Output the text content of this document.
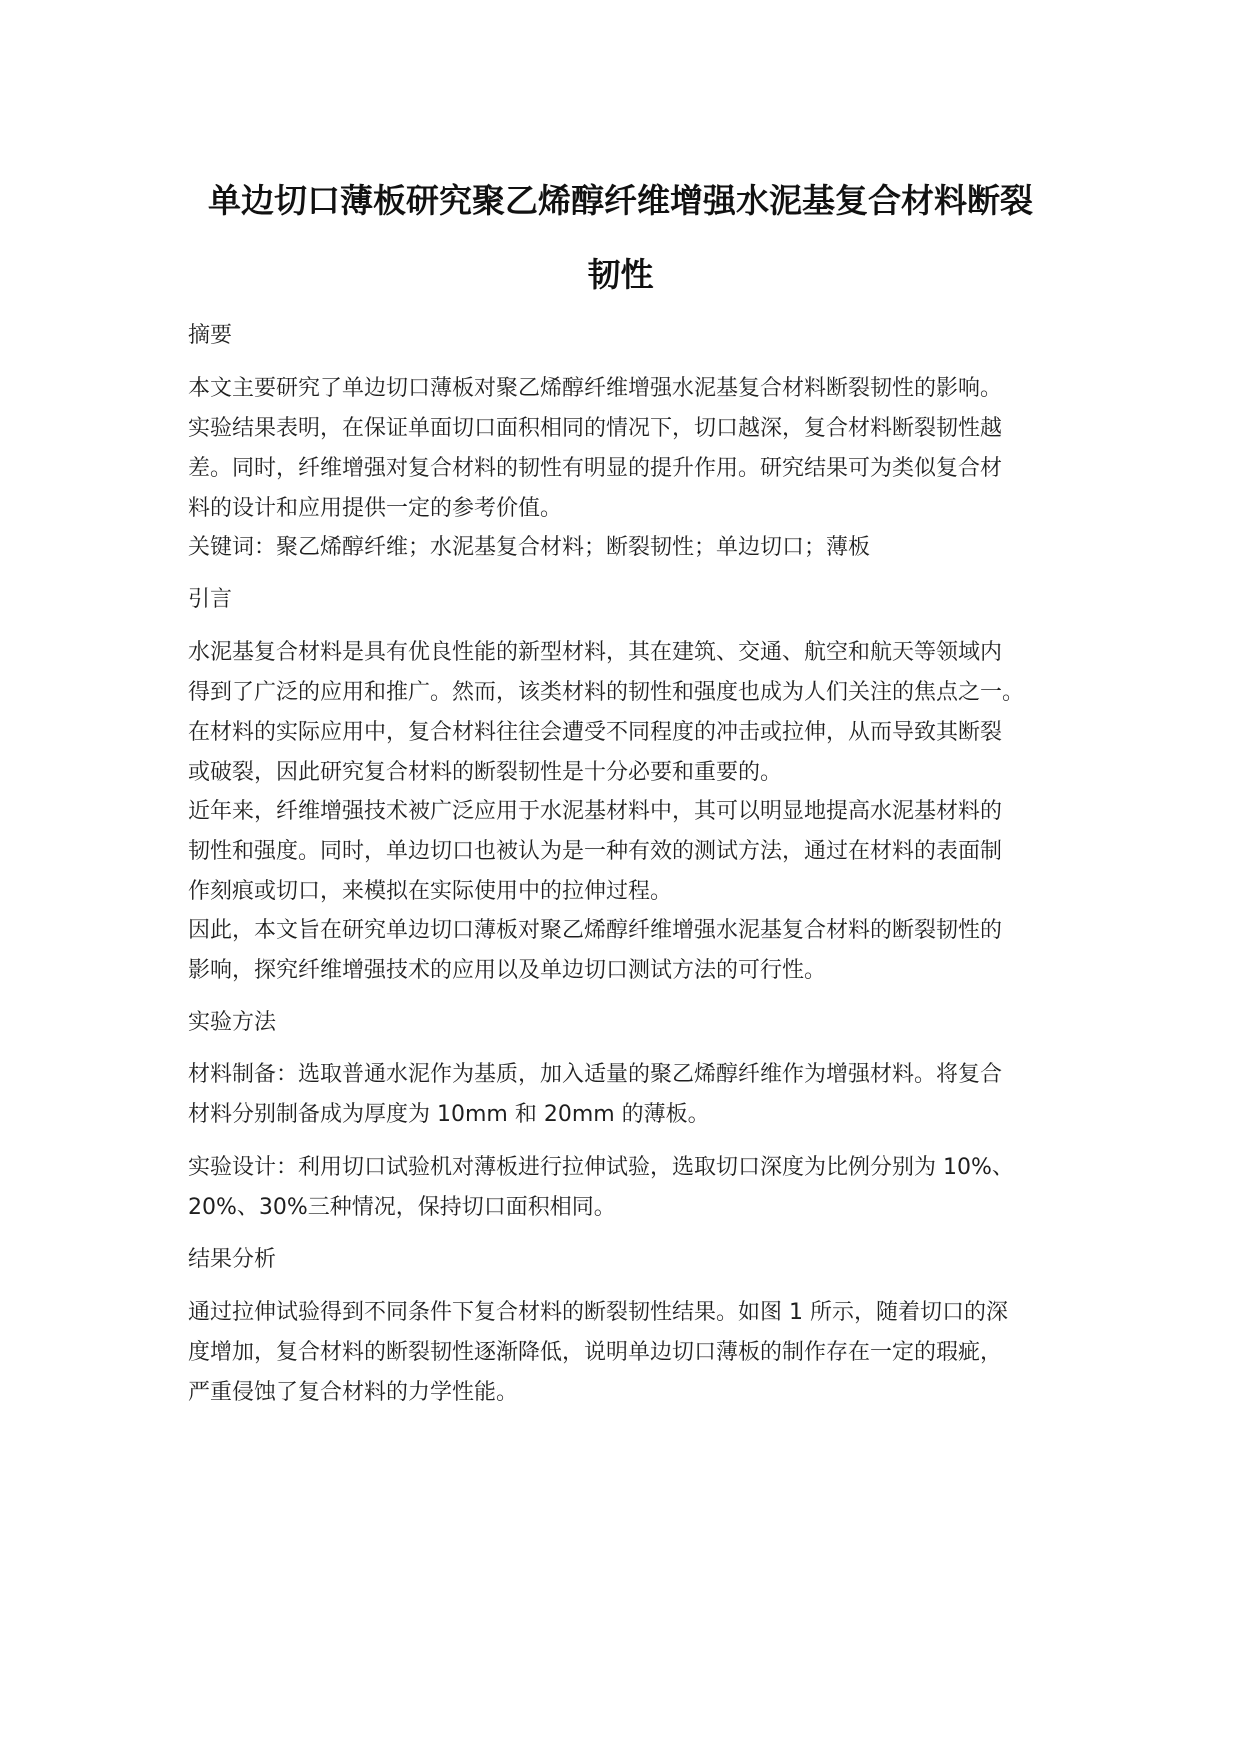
单边切口薄板研究聚乙烯醇纤维增强水泥基复合材料断裂
韧性
摘要
本文主要研究了单边切口薄板对聚乙烯醇纤维增强水泥基复合材料断裂韧性的影响。
实验结果表明，在保证单面切口面积相同的情况下，切口越深，复合材料断裂韧性越
差。同时，纤维增强对复合材料的韧性有明显的提升作用。研究结果可为类似复合材
料的设计和应用提供一定的参考价值。
关键词：聚乙烯醇纤维；水泥基复合材料；断裂韧性；单边切口；薄板
引言
水泥基复合材料是具有优良性能的新型材料，其在建筑、交通、航空和航天等领域内
得到了广泛的应用和推广。然而，该类材料的韧性和强度也成为人们关注的焦点之一。
在材料的实际应用中，复合材料往往会遭受不同程度的冲击或拉伸，从而导致其断裂
或破裂，因此研究复合材料的断裂韧性是十分必要和重要的。
近年来，纤维增强技术被广泛应用于水泥基材料中，其可以明显地提高水泥基材料的
韧性和强度。同时，单边切口也被认为是一种有效的测试方法，通过在材料的表面制
作刻痕或切口，来模拟在实际使用中的拉伸过程。
因此，本文旨在研究单边切口薄板对聚乙烯醇纤维增强水泥基复合材料的断裂韧性的
影响，探究纤维增强技术的应用以及单边切口测试方法的可行性。
实验方法
材料制备：选取普通水泥作为基质，加入适量的聚乙烯醇纤维作为增强材料。将复合
材料分别制备成为厚度为 10mm 和 20mm 的薄板。
实验设计：利用切口试验机对薄板进行拉伸试验，选取切口深度为比例分别为 10%、
20%、30%三种情况，保持切口面积相同。
结果分析
通过拉伸试验得到不同条件下复合材料的断裂韧性结果。如图 1 所示，随着切口的深
度增加，复合材料的断裂韧性逐渐降低，说明单边切口薄板的制作存在一定的瑕疵，
严重侵蚀了复合材料的力学性能。
